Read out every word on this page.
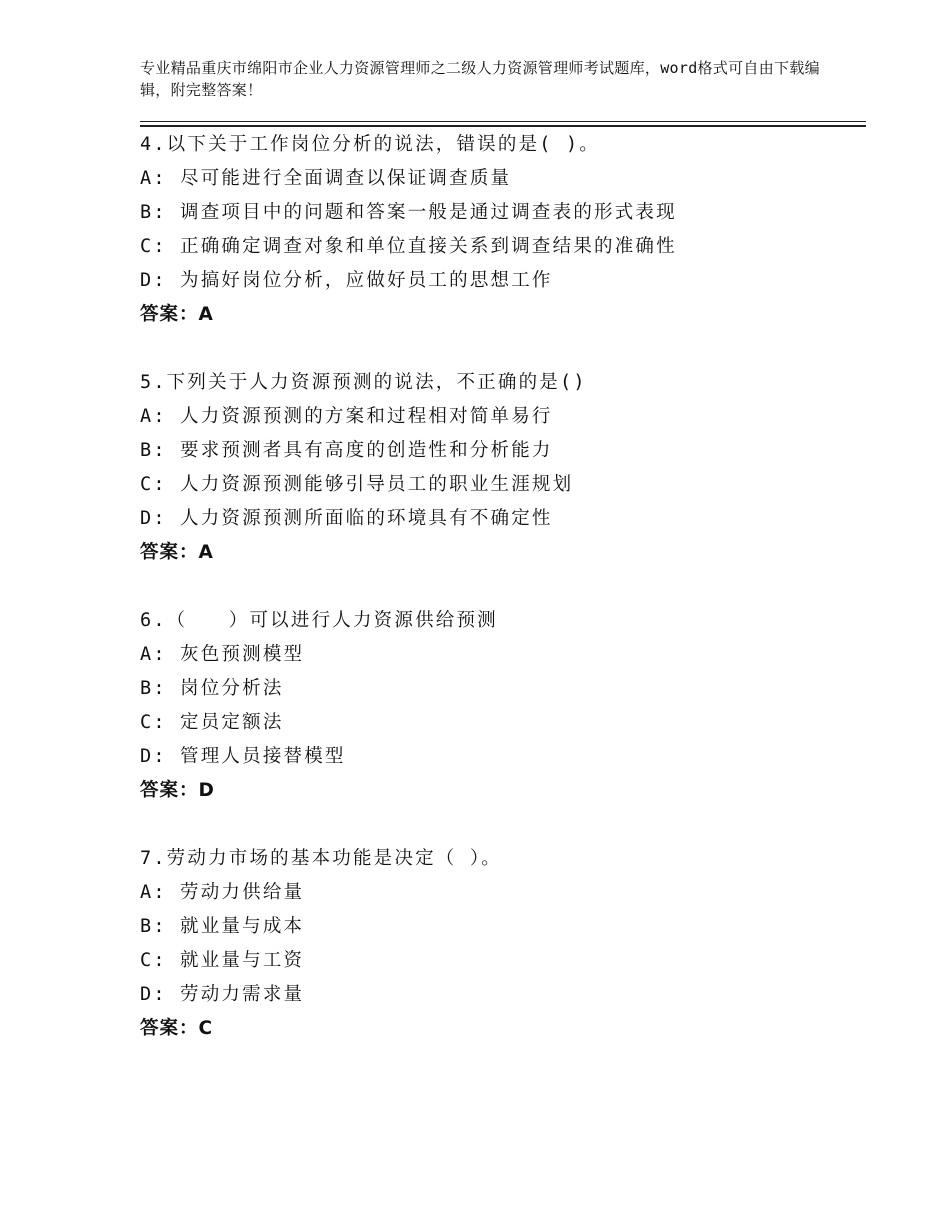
专业精品重庆市绵阳市企业人力资源管理师之二级人力资源管理师考试题库，word格式可自由下载编辑，附完整答案！
4.以下关于工作岗位分析的说法，错误的是( )。
A: 尽可能进行全面调查以保证调查质量
B: 调查项目中的问题和答案一般是通过调查表的形式表现
C: 正确确定调查对象和单位直接关系到调查结果的准确性
D: 为搞好岗位分析，应做好员工的思想工作
答案：A
5.下列关于人力资源预测的说法，不正确的是()
A: 人力资源预测的方案和过程相对简单易行
B: 要求预测者具有高度的创造性和分析能力
C: 人力资源预测能够引导员工的职业生涯规划
D: 人力资源预测所面临的环境具有不确定性
答案：A
6.（　　）可以进行人力资源供给预测
A: 灰色预测模型
B: 岗位分析法
C: 定员定额法
D: 管理人员接替模型
答案：D
7.劳动力市场的基本功能是决定（ ）。
A: 劳动力供给量
B: 就业量与成本
C: 就业量与工资
D: 劳动力需求量
答案：C
